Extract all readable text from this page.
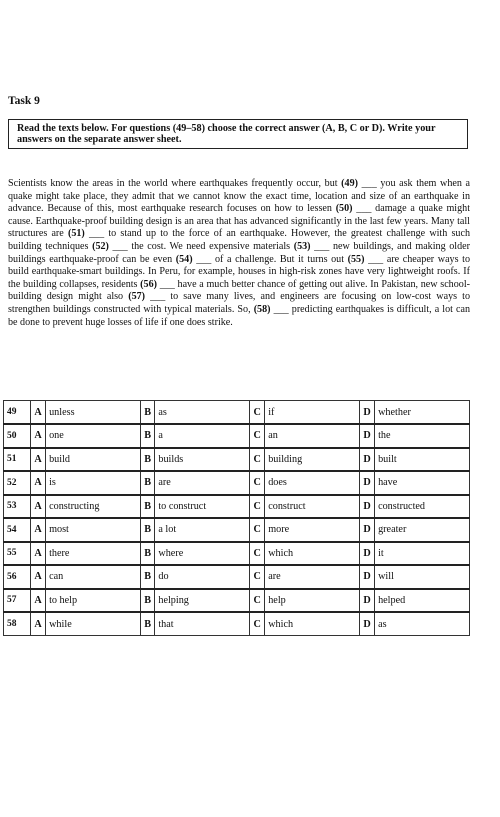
Task 9
Read the texts below. For questions (49–58) choose the correct answer (A, B, C or D). Write your answers on the separate answer sheet.

Scientists know the areas in the world where earthquakes frequently occur, but (49) ___ you ask them when a quake might take place, they admit that we cannot know the exact time, location and size of an earthquake in advance. Because of this, most earthquake research focuses on how to lessen (50) ___ damage a quake might cause. Earthquake-proof building design is an area that has advanced significantly in the last few years. Many tall structures are (51) ___ to stand up to the force of an earthquake. However, the greatest challenge with such building techniques (52) ___ the cost. We need expensive materials (53) ___ new buildings, and making older buildings earthquake-proof can be even (54) ___ of a challenge. But it turns out (55) ___ are cheaper ways to build earthquake-smart buildings. In Peru, for example, houses in high-risk zones have very lightweight roofs. If the building collapses, residents (56) ___ have a much better chance of getting out alive. In Pakistan, new school-building design might also (57) ___ to save many lives, and engineers are focusing on low-cost ways to strengthen buildings constructed with typical materials. So, (58) ___ predicting earthquakes is difficult, a lot can be done to prevent huge losses of life if one does strike.

49	A	unless	B	as	C	if	D	whether
50	A	one	B	a	C	an	D	the
51	A	build	B	builds	C	building	D	built
52	A	is	B	are	C	does	D	have
53	A	constructing	B	to construct	C	construct	D	constructed
54	A	most	B	a lot	C	more	D	greater
55	A	there	B	where	C	which	D	it
56	A	can	B	do	C	are	D	will
57	A	to help	B	helping	C	help	D	helped
58	A	while	B	that	C	which	D	as
